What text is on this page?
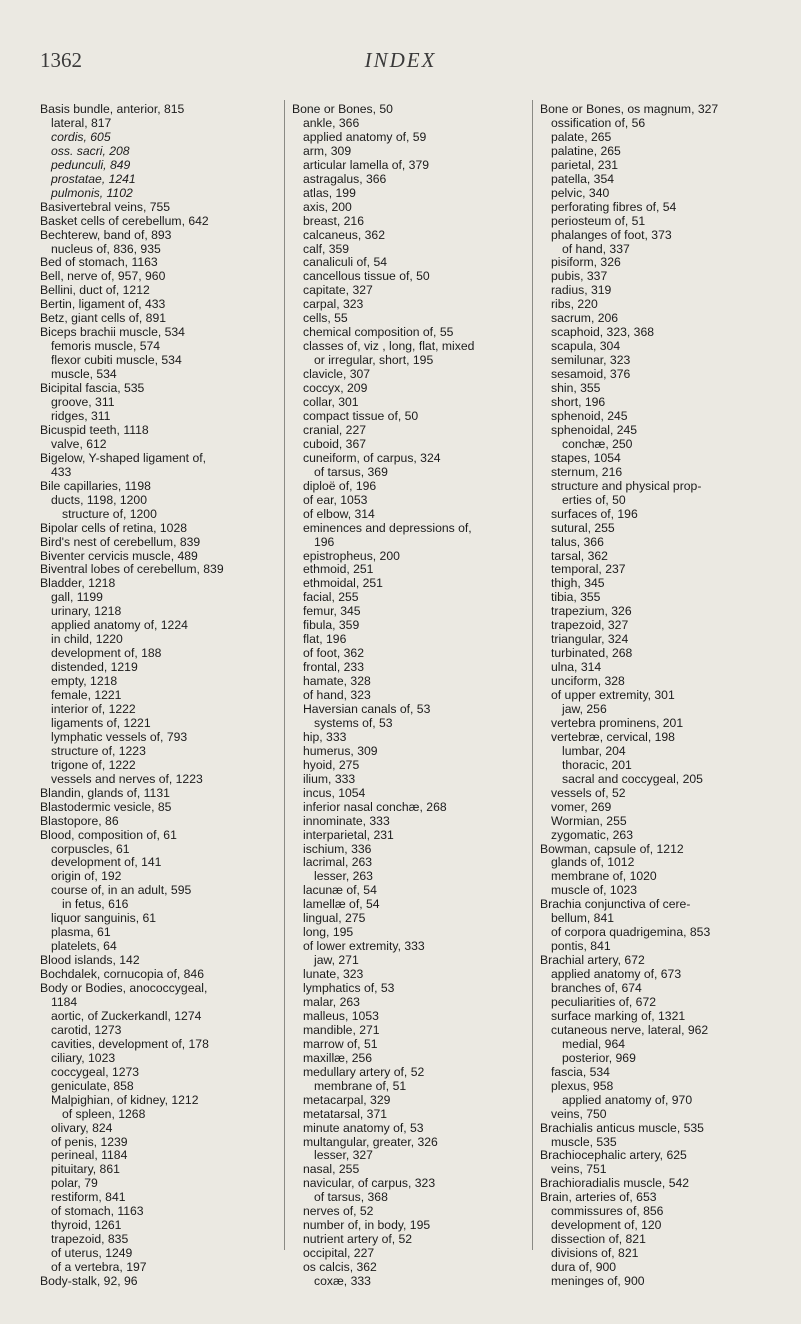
1362	INDEX
Basis bundle, anterior, 815
lateral, 817
cordis, 605
oss. sacri, 208
pedunculi, 849
prostatae, 1241
pulmonis, 1102
Basivertebral veins, 755
Basket cells of cerebellum, 642
Bechterew, band of, 893
nucleus of, 836, 935
Bed of stomach, 1163
Bell, nerve of, 957, 960
Bellini, duct of, 1212
Bertin, ligament of, 433
Betz, giant cells of, 891
Biceps brachii muscle, 534
femoris muscle, 574
flexor cubiti muscle, 534
muscle, 534
Bicipital fascia, 535
groove, 311
ridges, 311
Bicuspid teeth, 1118
valve, 612
Bigelow, Y-shaped ligament of,
433
Bile capillaries, 1198
ducts, 1198, 1200
structure of, 1200
Bipolar cells of retina, 1028
Bird's nest of cerebellum, 839
Biventer cervicis muscle, 489
Biventral lobes of cerebellum, 839
Bladder, 1218
gall, 1199
urinary, 1218
applied anatomy of, 1224
in child, 1220
development of, 188
distended, 1219
empty, 1218
female, 1221
interior of, 1222
ligaments of, 1221
lymphatic vessels of, 793
structure of, 1223
trigone of, 1222
vessels and nerves of, 1223
Blandin, glands of, 1131
Blastodermic vesicle, 85
Blastopore, 86
Blood, composition of, 61
corpuscles, 61
development of, 141
origin of, 192
course of, in an adult, 595
in fetus, 616
liquor sanguinis, 61
plasma, 61
platelets, 64
Blood islands, 142
Bochdalek, cornucopia of, 846
Body or Bodies, anococcygeal,
1184
aortic, of Zuckerkandl, 1274
carotid, 1273
cavities, development of, 178
ciliary, 1023
coccygeal, 1273
geniculate, 858
Malpighian, of kidney, 1212
of spleen, 1268
olivary, 824
of penis, 1239
perineal, 1184
pituitary, 861
polar, 79
restiform, 841
of stomach, 1163
thyroid, 1261
trapezoid, 835
of uterus, 1249
of a vertebra, 197
Body-stalk, 92, 96
Bone or Bones, 50
ankle, 366
applied anatomy of, 59
arm, 309
articular lamella of, 379
astragalus, 366
atlas, 199
axis, 200
breast, 216
calcaneus, 362
calf, 359
canaliculi of, 54
cancellous tissue of, 50
capitate, 327
carpal, 323
cells, 55
chemical composition of, 55
classes of, viz , long, flat, mixed
or irregular, short, 195
clavicle, 307
coccyx, 209
collar, 301
compact tissue of, 50
cranial, 227
cuboid, 367
cuneiform, of carpus, 324
of tarsus, 369
diploë of, 196
of ear, 1053
of elbow, 314
eminences and depressions of,
196
epistropheus, 200
ethmoid, 251
ethmoidal, 251
facial, 255
femur, 345
fibula, 359
flat, 196
of foot, 362
frontal, 233
hamate, 328
of hand, 323
Haversian canals of, 53
systems of, 53
hip, 333
humerus, 309
hyoid, 275
ilium, 333
incus, 1054
inferior nasal conchæ, 268
innominate, 333
interparietal, 231
ischium, 336
lacrimal, 263
lesser, 263
lacunæ of, 54
lamellæ of, 54
lingual, 275
long, 195
of lower extremity, 333
jaw, 271
lunate, 323
lymphatics of, 53
malar, 263
malleus, 1053
mandible, 271
marrow of, 51
maxillæ, 256
medullary artery of, 52
membrane of, 51
metacarpal, 329
metatarsal, 371
minute anatomy of, 53
multangular, greater, 326
lesser, 327
nasal, 255
navicular, of carpus, 323
of tarsus, 368
nerves of, 52
number of, in body, 195
nutrient artery of, 52
occipital, 227
os calcis, 362
coxæ, 333
Bone or Bones, os magnum, 327
ossification of, 56
palate, 265
palatine, 265
parietal, 231
patella, 354
pelvic, 340
perforating fibres of, 54
periosteum of, 51
phalanges of foot, 373
of hand, 337
pisiform, 326
pubis, 337
radius, 319
ribs, 220
sacrum, 206
scaphoid, 323, 368
scapula, 304
semilunar, 323
sesamoid, 376
shin, 355
short, 196
sphenoid, 245
sphenoidal, 245
conchæ, 250
stapes, 1054
sternum, 216
structure and physical prop-
erties of, 50
surfaces of, 196
sutural, 255
talus, 366
tarsal, 362
temporal, 237
thigh, 345
tibia, 355
trapezium, 326
trapezoid, 327
triangular, 324
turbinated, 268
ulna, 314
unciform, 328
of upper extremity, 301
jaw, 256
vertebra prominens, 201
vertebræ, cervical, 198
lumbar, 204
thoracic, 201
sacral and coccygeal, 205
vessels of, 52
vomer, 269
Wormian, 255
zygomatic, 263
Bowman, capsule of, 1212
glands of, 1012
membrane of, 1020
muscle of, 1023
Brachia conjunctiva of cere-
bellum, 841
of corpora quadrigemina, 853
pontis, 841
Brachial artery, 672
applied anatomy of, 673
branches of, 674
peculiarities of, 672
surface marking of, 1321
cutaneous nerve, lateral, 962
medial, 964
posterior, 969
fascia, 534
plexus, 958
applied anatomy of, 970
veins, 750
Brachialis anticus muscle, 535
muscle, 535
Brachiocephalic artery, 625
veins, 751
Brachioradialis muscle, 542
Brain, arteries of, 653
commissures of, 856
development of, 120
dissection of, 821
divisions of, 821
dura of, 900
meninges of, 900
